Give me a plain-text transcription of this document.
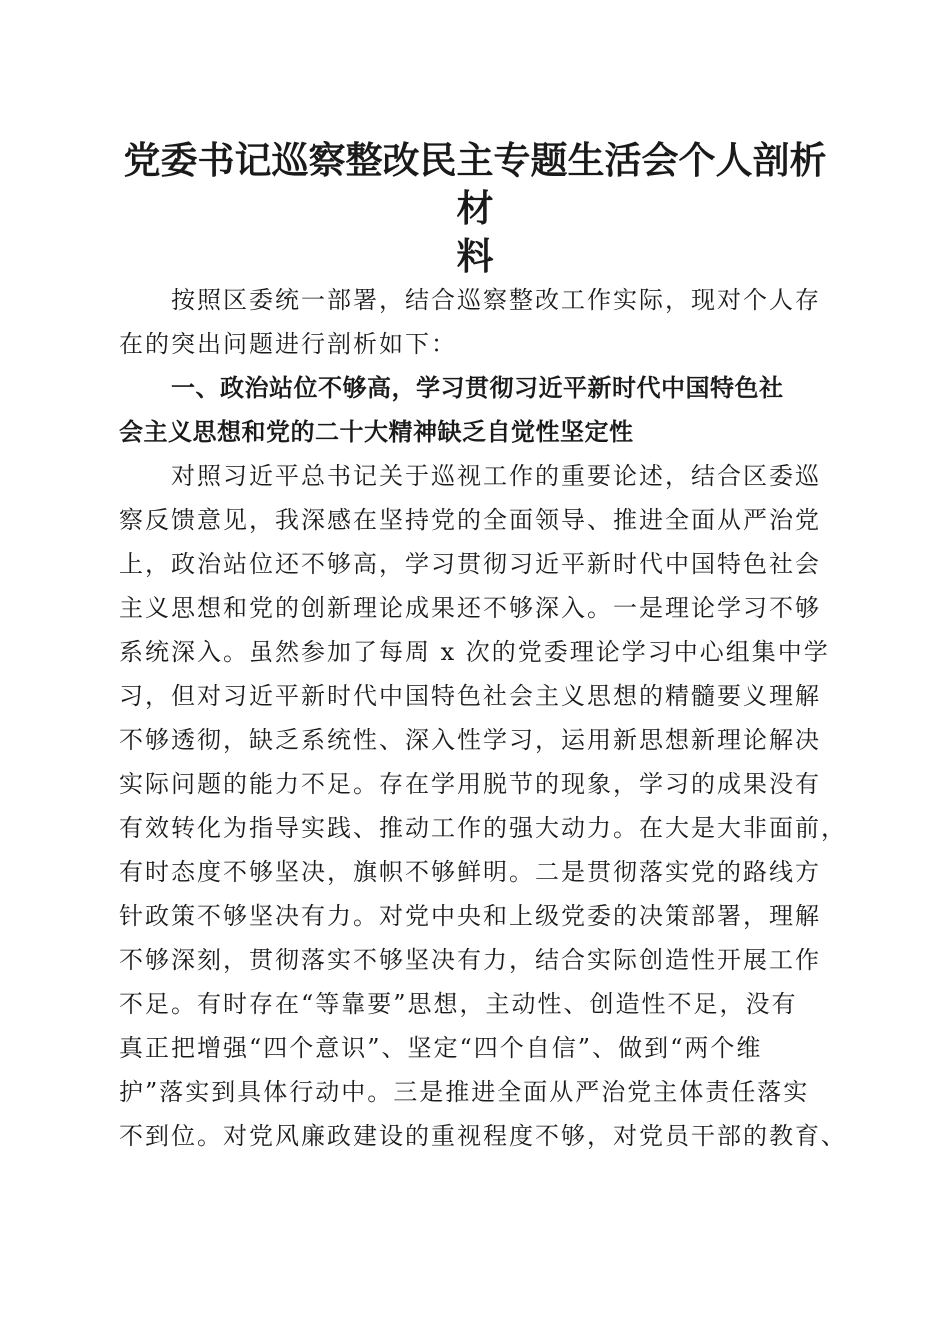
党委书记巡察整改民主专题生活会个人剖析材
料
按照区委统一部署，结合巡察整改工作实际，现对个人存
在的突出问题进行剖析如下：
一、政治站位不够高，学习贯彻习近平新时代中国特色社
会主义思想和党的二十大精神缺乏自觉性坚定性
对照习近平总书记关于巡视工作的重要论述，结合区委巡
察反馈意见，我深感在坚持党的全面领导、推进全面从严治党
上，政治站位还不够高，学习贯彻习近平新时代中国特色社会
主义思想和党的创新理论成果还不够深入。一是理论学习不够
系统深入。虽然参加了每周 x 次的党委理论学习中心组集中学
习，但对习近平新时代中国特色社会主义思想的精髓要义理解
不够透彻，缺乏系统性、深入性学习，运用新思想新理论解决
实际问题的能力不足。存在学用脱节的现象，学习的成果没有
有效转化为指导实践、推动工作的强大动力。在大是大非面前，
有时态度不够坚决，旗帜不够鲜明。二是贯彻落实党的路线方
针政策不够坚决有力。对党中央和上级党委的决策部署，理解
不够深刻，贯彻落实不够坚决有力，结合实际创造性开展工作
不足。有时存在“等靠要”思想，主动性、创造性不足，没有
真正把增强“四个意识”、坚定“四个自信”、做到“两个维
护”落实到具体行动中。三是推进全面从严治党主体责任落实
不到位。对党风廉政建设的重视程度不够，对党员干部的教育、
